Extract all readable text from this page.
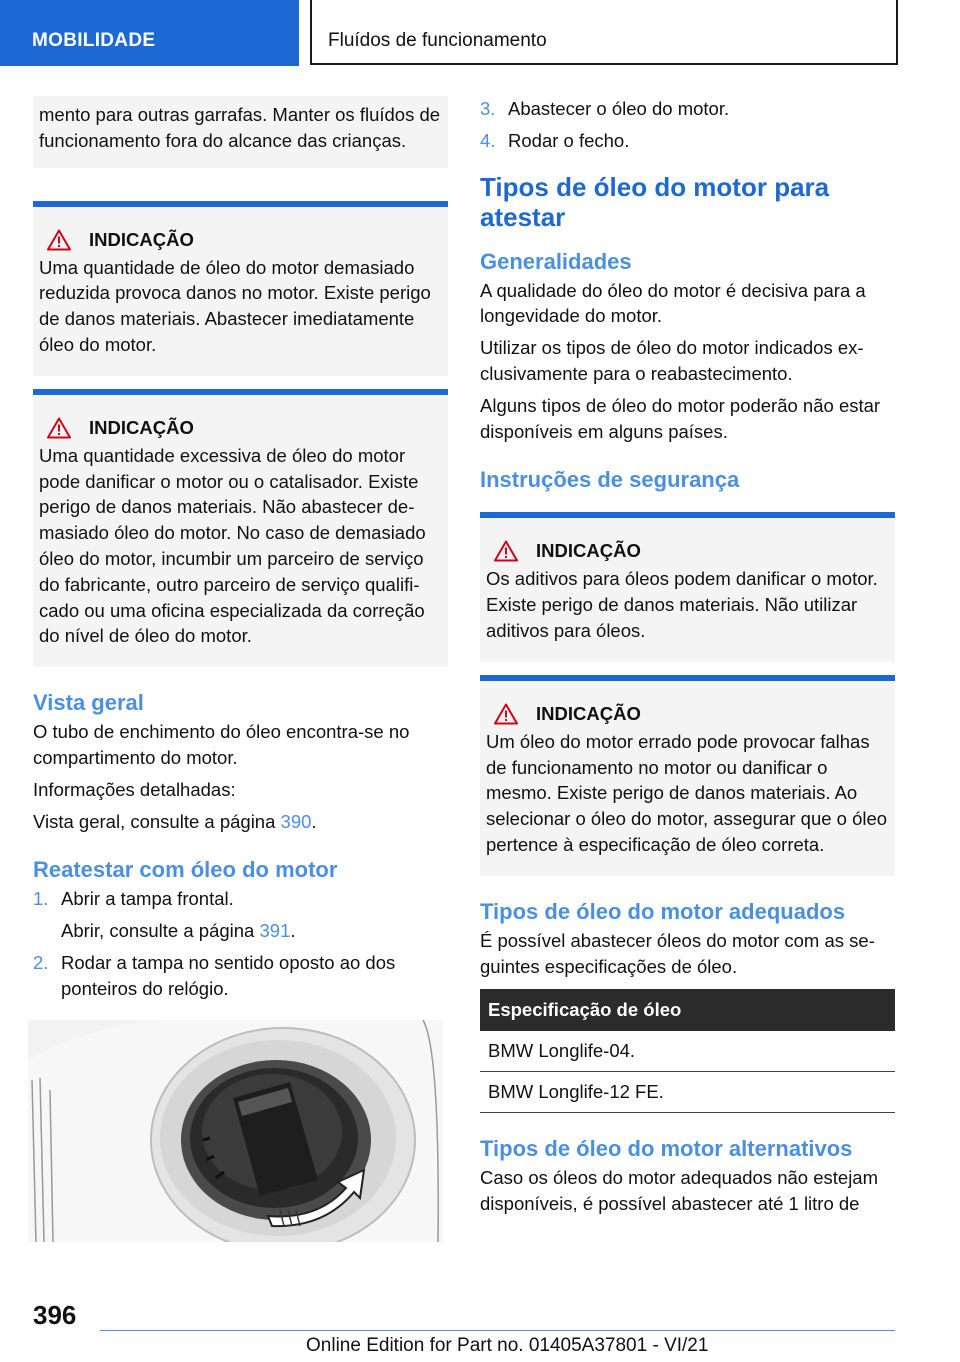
MOBILIDADE	Fluídos de funcionamento

mento para outras garrafas. Manter os fluídos de funcionamento fora do alcance das crianças.

INDICAÇÃO

Uma quantidade de óleo do motor demasiado reduzida provoca danos no motor. Existe perigo de danos materiais. Abastecer imediatamente óleo do motor.

INDICAÇÃO

Uma quantidade excessiva de óleo do motor pode danificar o motor ou o catalisador. Existe perigo de danos materiais. Não abastecer demasiado óleo do motor. No caso de demasiado óleo do motor, incumbir um parceiro de serviço do fabricante, outro parceiro de serviço qualificado ou uma oficina especializada da correção do nível de óleo do motor.

Vista geral

O tubo de enchimento do óleo encontra-se no compartimento do motor.

Informações detalhadas:

Vista geral, consulte a página 390.

Reatestar com óleo do motor
1. Abrir a tampa frontal.
Abrir, consulte a página 391.
2. Rodar a tampa no sentido oposto ao dos ponteiros do relógio.
3. Abastecer o óleo do motor.
4. Rodar o fecho.
Tipos de óleo do motor para atestar
Generalidades

A qualidade do óleo do motor é decisiva para a longevidade do motor.

Utilizar os tipos de óleo do motor indicados exclusivamente para o reabastecimento.

Alguns tipos de óleo do motor poderão não estar disponíveis em alguns países.

Instruções de segurança
INDICAÇÃO

Os aditivos para óleos podem danificar o motor. Existe perigo de danos materiais. Não utilizar aditivos para óleos.

INDICAÇÃO

Um óleo do motor errado pode provocar falhas de funcionamento no motor ou danificar o mesmo. Existe perigo de danos materiais. Ao selecionar o óleo do motor, assegurar que o óleo pertence à especificação de óleo correta.

Tipos de óleo do motor adequados

É possível abastecer óleos do motor com as seguintes especificações de óleo.

Especificação de óleo
BMW Longlife-04.
BMW Longlife-12 FE.
Tipos de óleo do motor alternativos

Caso os óleos do motor adequados não estejam disponíveis, é possível abastecer até 1 litro de

396
Online Edition for Part no. 01405A37801 - VI/21
